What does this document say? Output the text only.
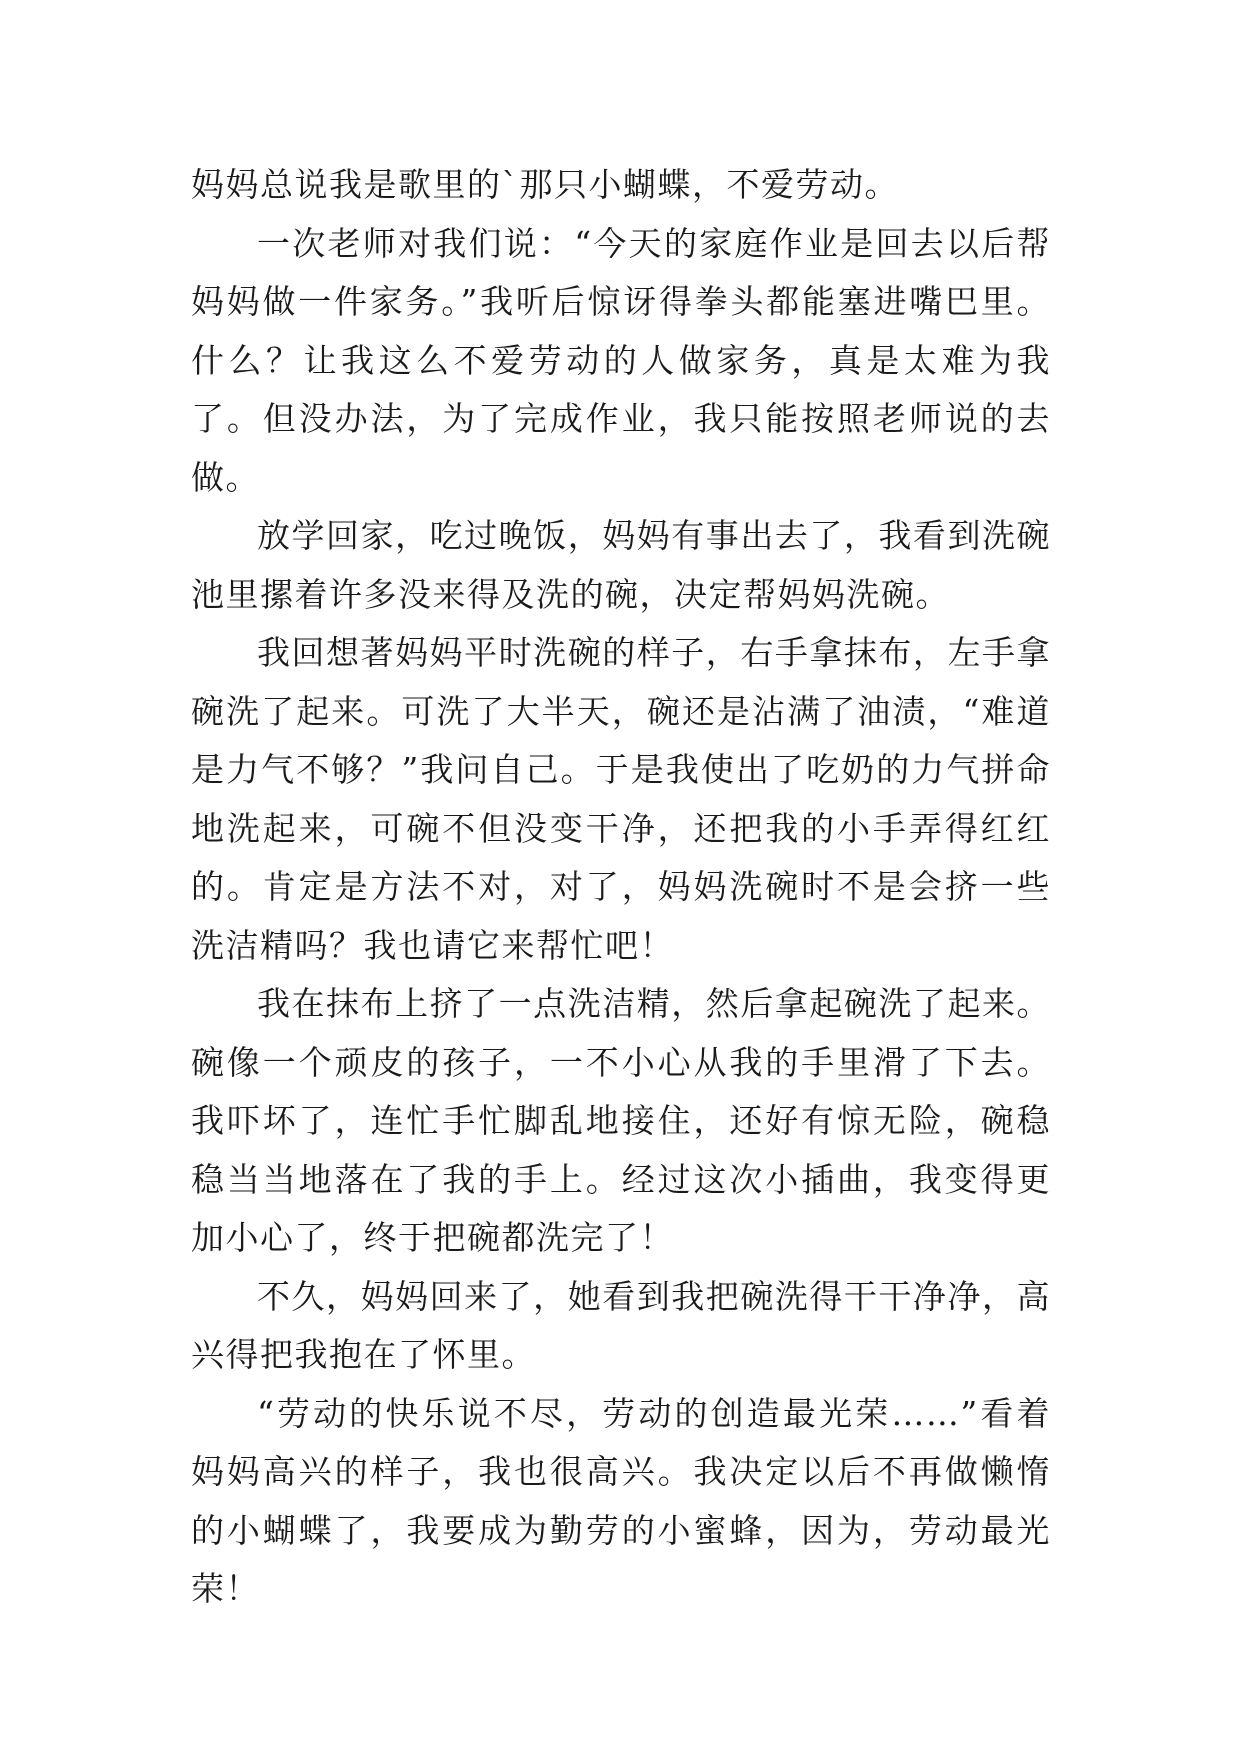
妈妈总说我是歌里的`那只小蝴蝶，不爱劳动。

一次老师对我们说：“今天的家庭作业是回去以后帮妈妈做一件家务。”我听后惊讶得拳头都能塞进嘴巴里。什么？让我这么不爱劳动的人做家务，真是太难为我了。但没办法，为了完成作业，我只能按照老师说的去做。

放学回家，吃过晚饭，妈妈有事出去了，我看到洗碗池里摞着许多没来得及洗的碗，决定帮妈妈洗碗。

我回想著妈妈平时洗碗的样子，右手拿抹布，左手拿碗洗了起来。可洗了大半天，碗还是沾满了油渍，“难道是力气不够？”我问自己。于是我使出了吃奶的力气拼命地洗起来，可碗不但没变干净，还把我的小手弄得红红的。肯定是方法不对，对了，妈妈洗碗时不是会挤一些洗洁精吗？我也请它来帮忙吧！

我在抹布上挤了一点洗洁精，然后拿起碗洗了起来。碗像一个顽皮的孩子，一不小心从我的手里滑了下去。我吓坏了，连忙手忙脚乱地接住，还好有惊无险，碗稳稳当当地落在了我的手上。经过这次小插曲，我变得更加小心了，终于把碗都洗完了！

不久，妈妈回来了，她看到我把碗洗得干干净净，高兴得把我抱在了怀里。

“劳动的快乐说不尽，劳动的创造最光荣……”看着妈妈高兴的样子，我也很高兴。我决定以后不再做懒惰的小蝴蝶了，我要成为勤劳的小蜜蜂，因为，劳动最光荣！
